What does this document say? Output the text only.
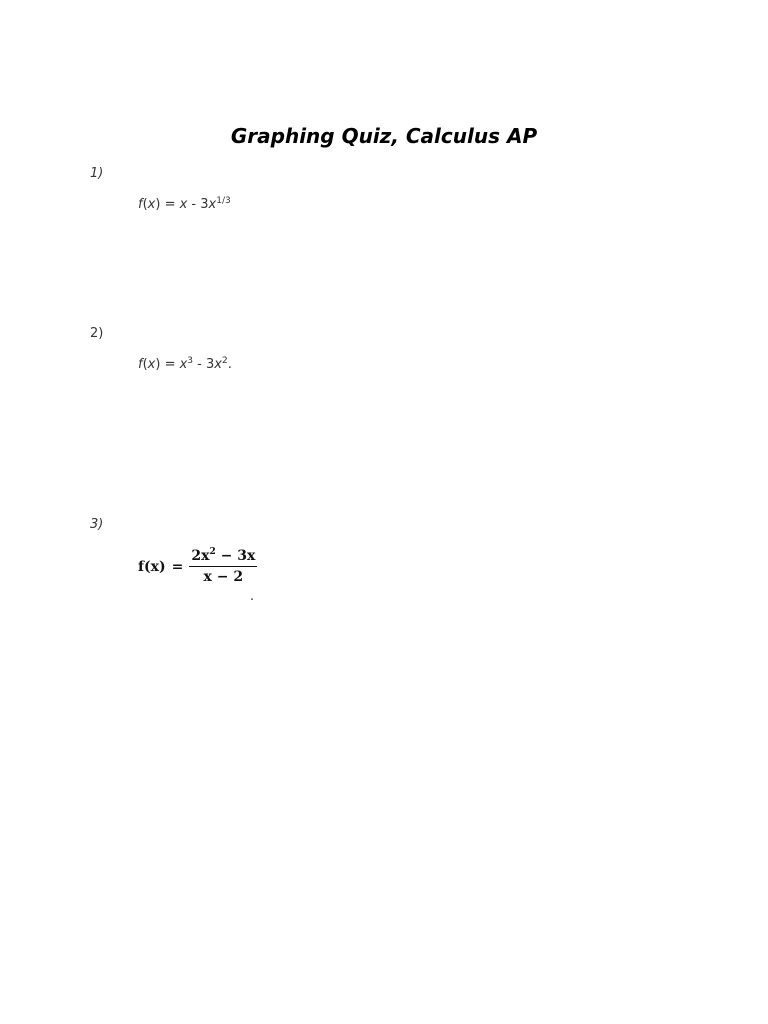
Graphing Quiz, Calculus AP
1)
$f(x) = x - 3x^{1/3}$
2)
$f(x) = x^3 - 3x^2$.
3)
$f(x) = \frac{2x^2 - 3x}{x - 2}$
.
